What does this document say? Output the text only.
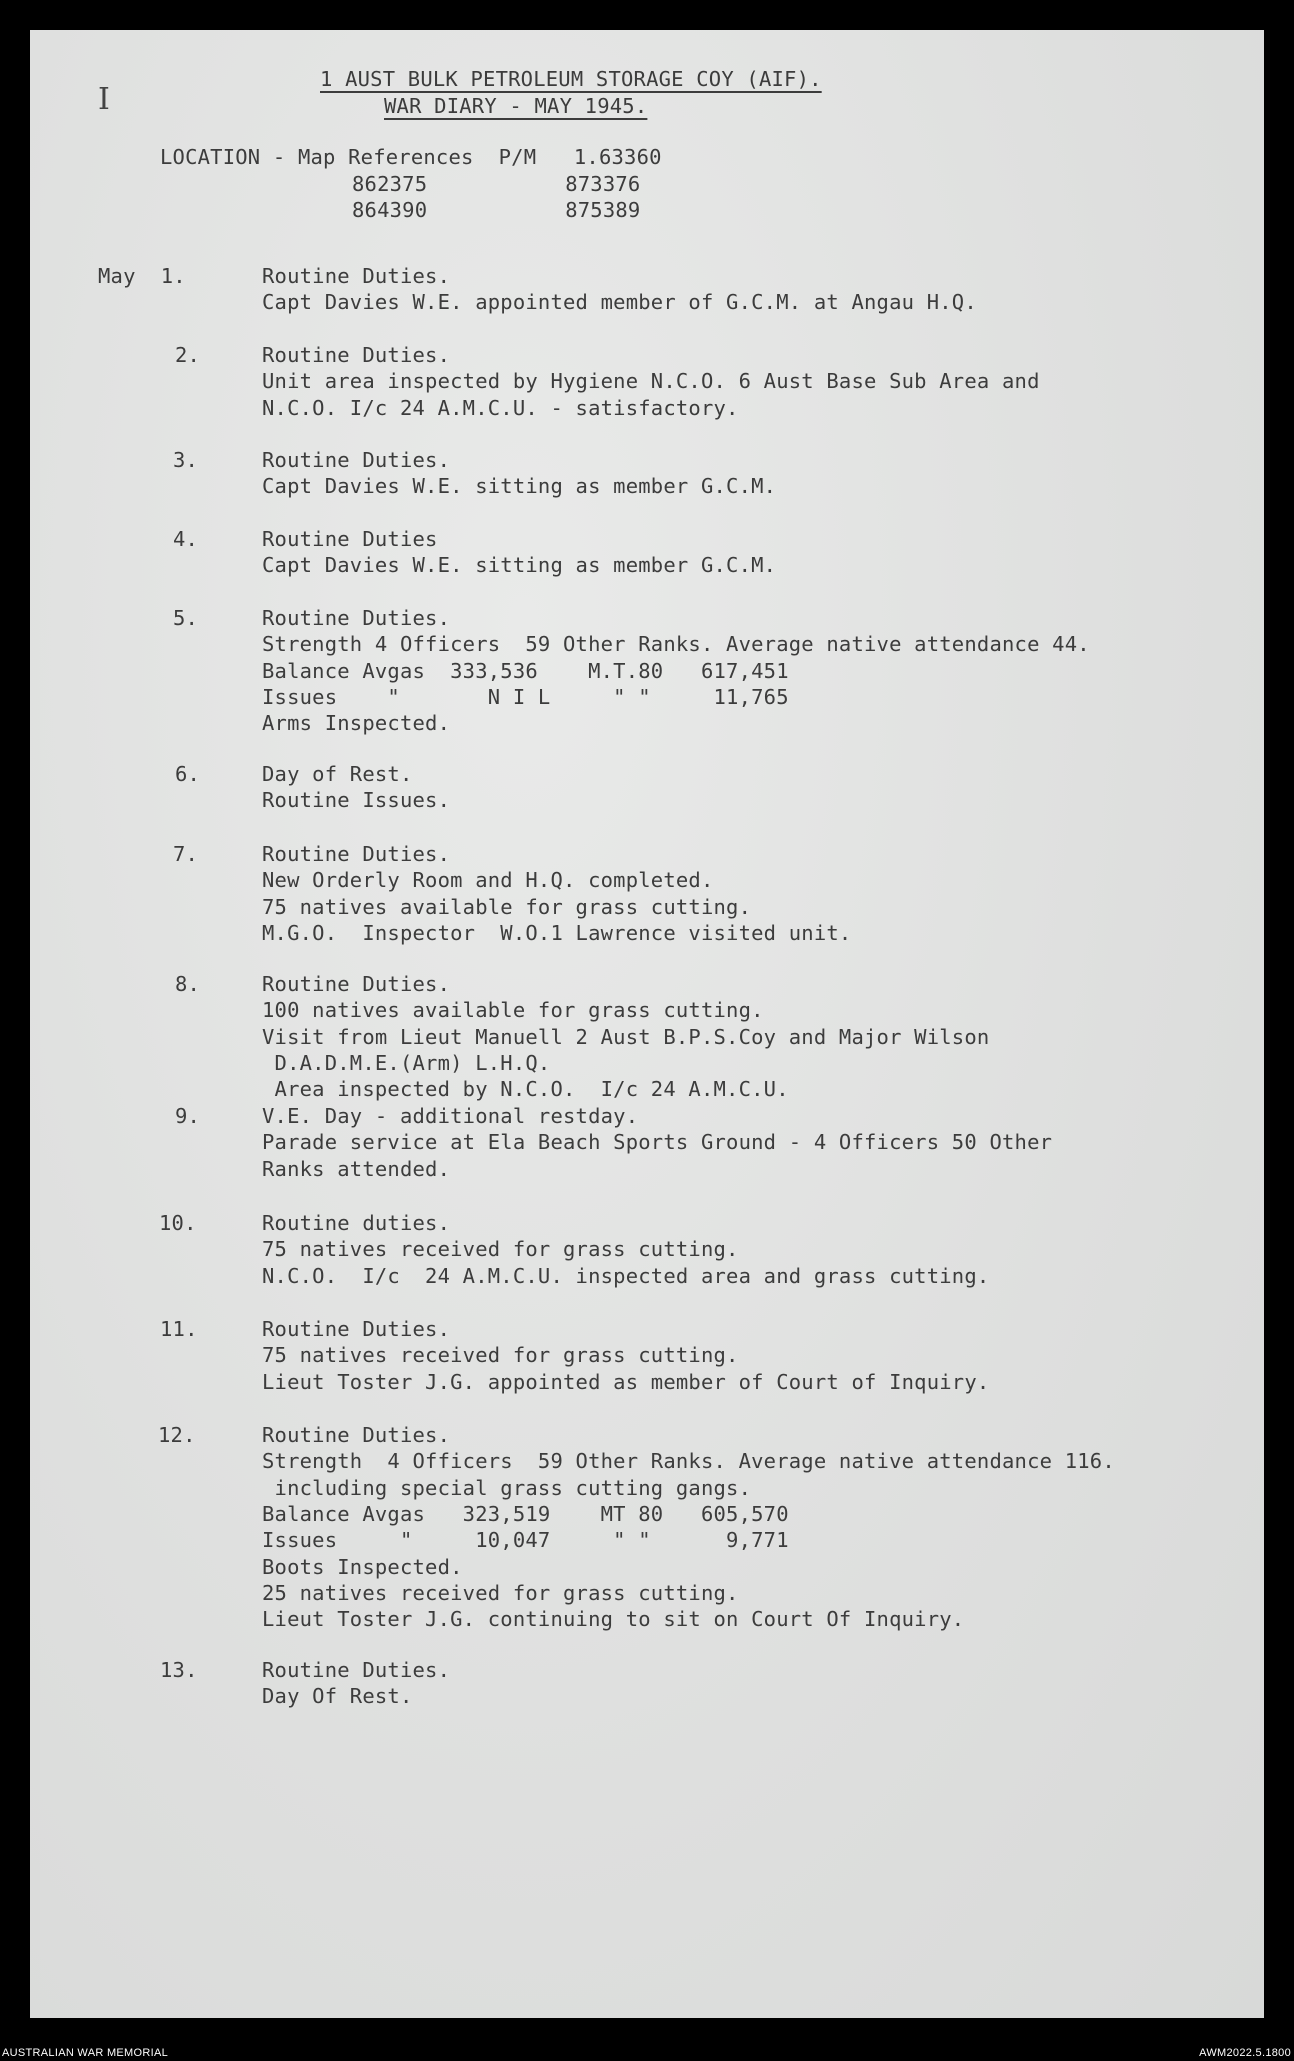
1 AUST BULK PETROLEUM STORAGE COY (AIF).
WAR DIARY - MAY 1945.
I
LOCATION - Map References  P/M   1.63360
862375           873376
864390           875389
May  1.	Routine Duties.
Capt Davies W.E. appointed member of G.C.M. at Angau H.Q.
2.	Routine Duties.
Unit area inspected by Hygiene N.C.O. 6 Aust Base Sub Area and
N.C.O. I/c 24 A.M.C.U. - satisfactory.
3.	Routine Duties.
Capt Davies W.E. sitting as member G.C.M.
4.	Routine Duties
Capt Davies W.E. sitting as member G.C.M.
5.	Routine Duties.
Strength 4 Officers  59 Other Ranks. Average native attendance 44.
Balance Avgas  333,536    M.T.80   617,451
Issues    "       N I L     " "     11,765
Arms Inspected.
6.	Day of Rest.
Routine Issues.
7.	Routine Duties.
New Orderly Room and H.Q. completed.
75 natives available for grass cutting.
M.G.O.  Inspector  W.O.1 Lawrence visited unit.
8.	Routine Duties.
100 natives available for grass cutting.
Visit from Lieut Manuell 2 Aust B.P.S.Coy and Major Wilson
D.A.D.M.E.(Arm) L.H.Q.
Area inspected by N.C.O.  I/c 24 A.M.C.U.
9.	V.E. Day - additional restday.
Parade service at Ela Beach Sports Ground - 4 Officers 50 Other
Ranks attended.
10.	Routine duties.
75 natives received for grass cutting.
N.C.O.  I/c  24 A.M.C.U. inspected area and grass cutting.
11.	Routine Duties.
75 natives received for grass cutting.
Lieut Toster J.G. appointed as member of Court of Inquiry.
12.	Routine Duties.
Strength  4 Officers  59 Other Ranks. Average native attendance 116.
including special grass cutting gangs.
Balance Avgas   323,519    MT 80   605,570
Issues     "     10,047     " "      9,771
Boots Inspected.
25 natives received for grass cutting.
Lieut Toster J.G. continuing to sit on Court Of Inquiry.
13.	Routine Duties.
Day Of Rest.
AUSTRALIAN WAR MEMORIAL	AWM2022.5.1800
